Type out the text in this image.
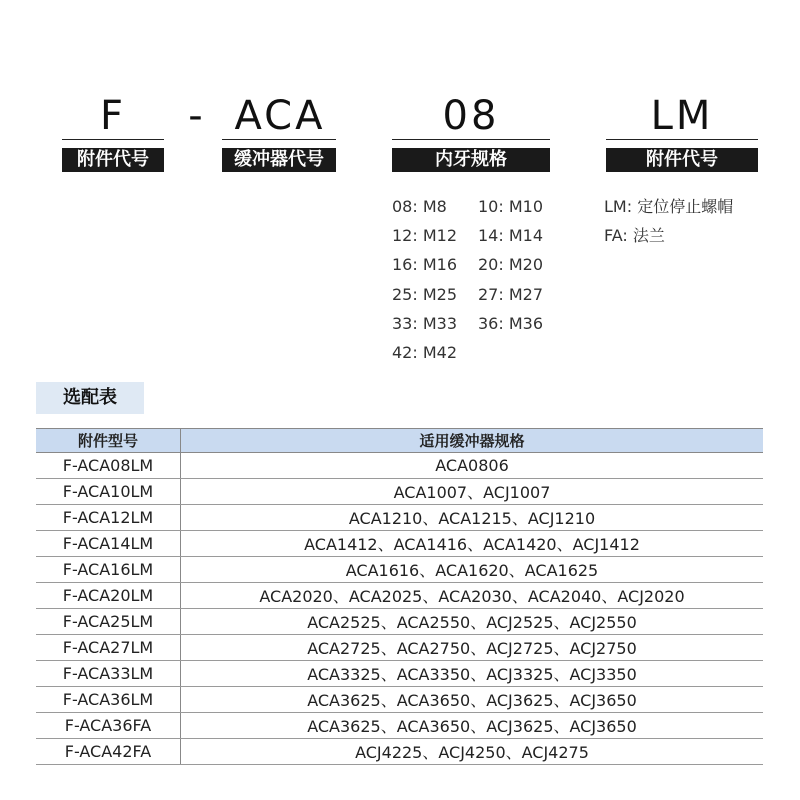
F	- ACA	08	LM
附件代号	缓冲器代号	内牙规格	附件代号
08: M8 10: M10
12: M12 14: M14
16: M16 20: M20
25: M25 27: M27
33: M33 36: M36
42: M42
LM: 定位停止螺帽
FA: 法兰
选配表
附件型号	适用缓冲器规格
F-ACA08LM	ACA0806
F-ACA10LM	ACA1007、ACJ1007
F-ACA12LM	ACA1210、ACA1215、ACJ1210
F-ACA14LM	ACA1412、ACA1416、ACA1420、ACJ1412
F-ACA16LM	ACA1616、ACA1620、ACA1625
F-ACA20LM	ACA2020、ACA2025、ACA2030、ACA2040、ACJ2020
F-ACA25LM	ACA2525、ACA2550、ACJ2525、ACJ2550
F-ACA27LM	ACA2725、ACA2750、ACJ2725、ACJ2750
F-ACA33LM	ACA3325、ACA3350、ACJ3325、ACJ3350
F-ACA36LM	ACA3625、ACA3650、ACJ3625、ACJ3650
F-ACA36FA	ACA3625、ACA3650、ACJ3625、ACJ3650
F-ACA42FA	ACJ4225、ACJ4250、ACJ4275
